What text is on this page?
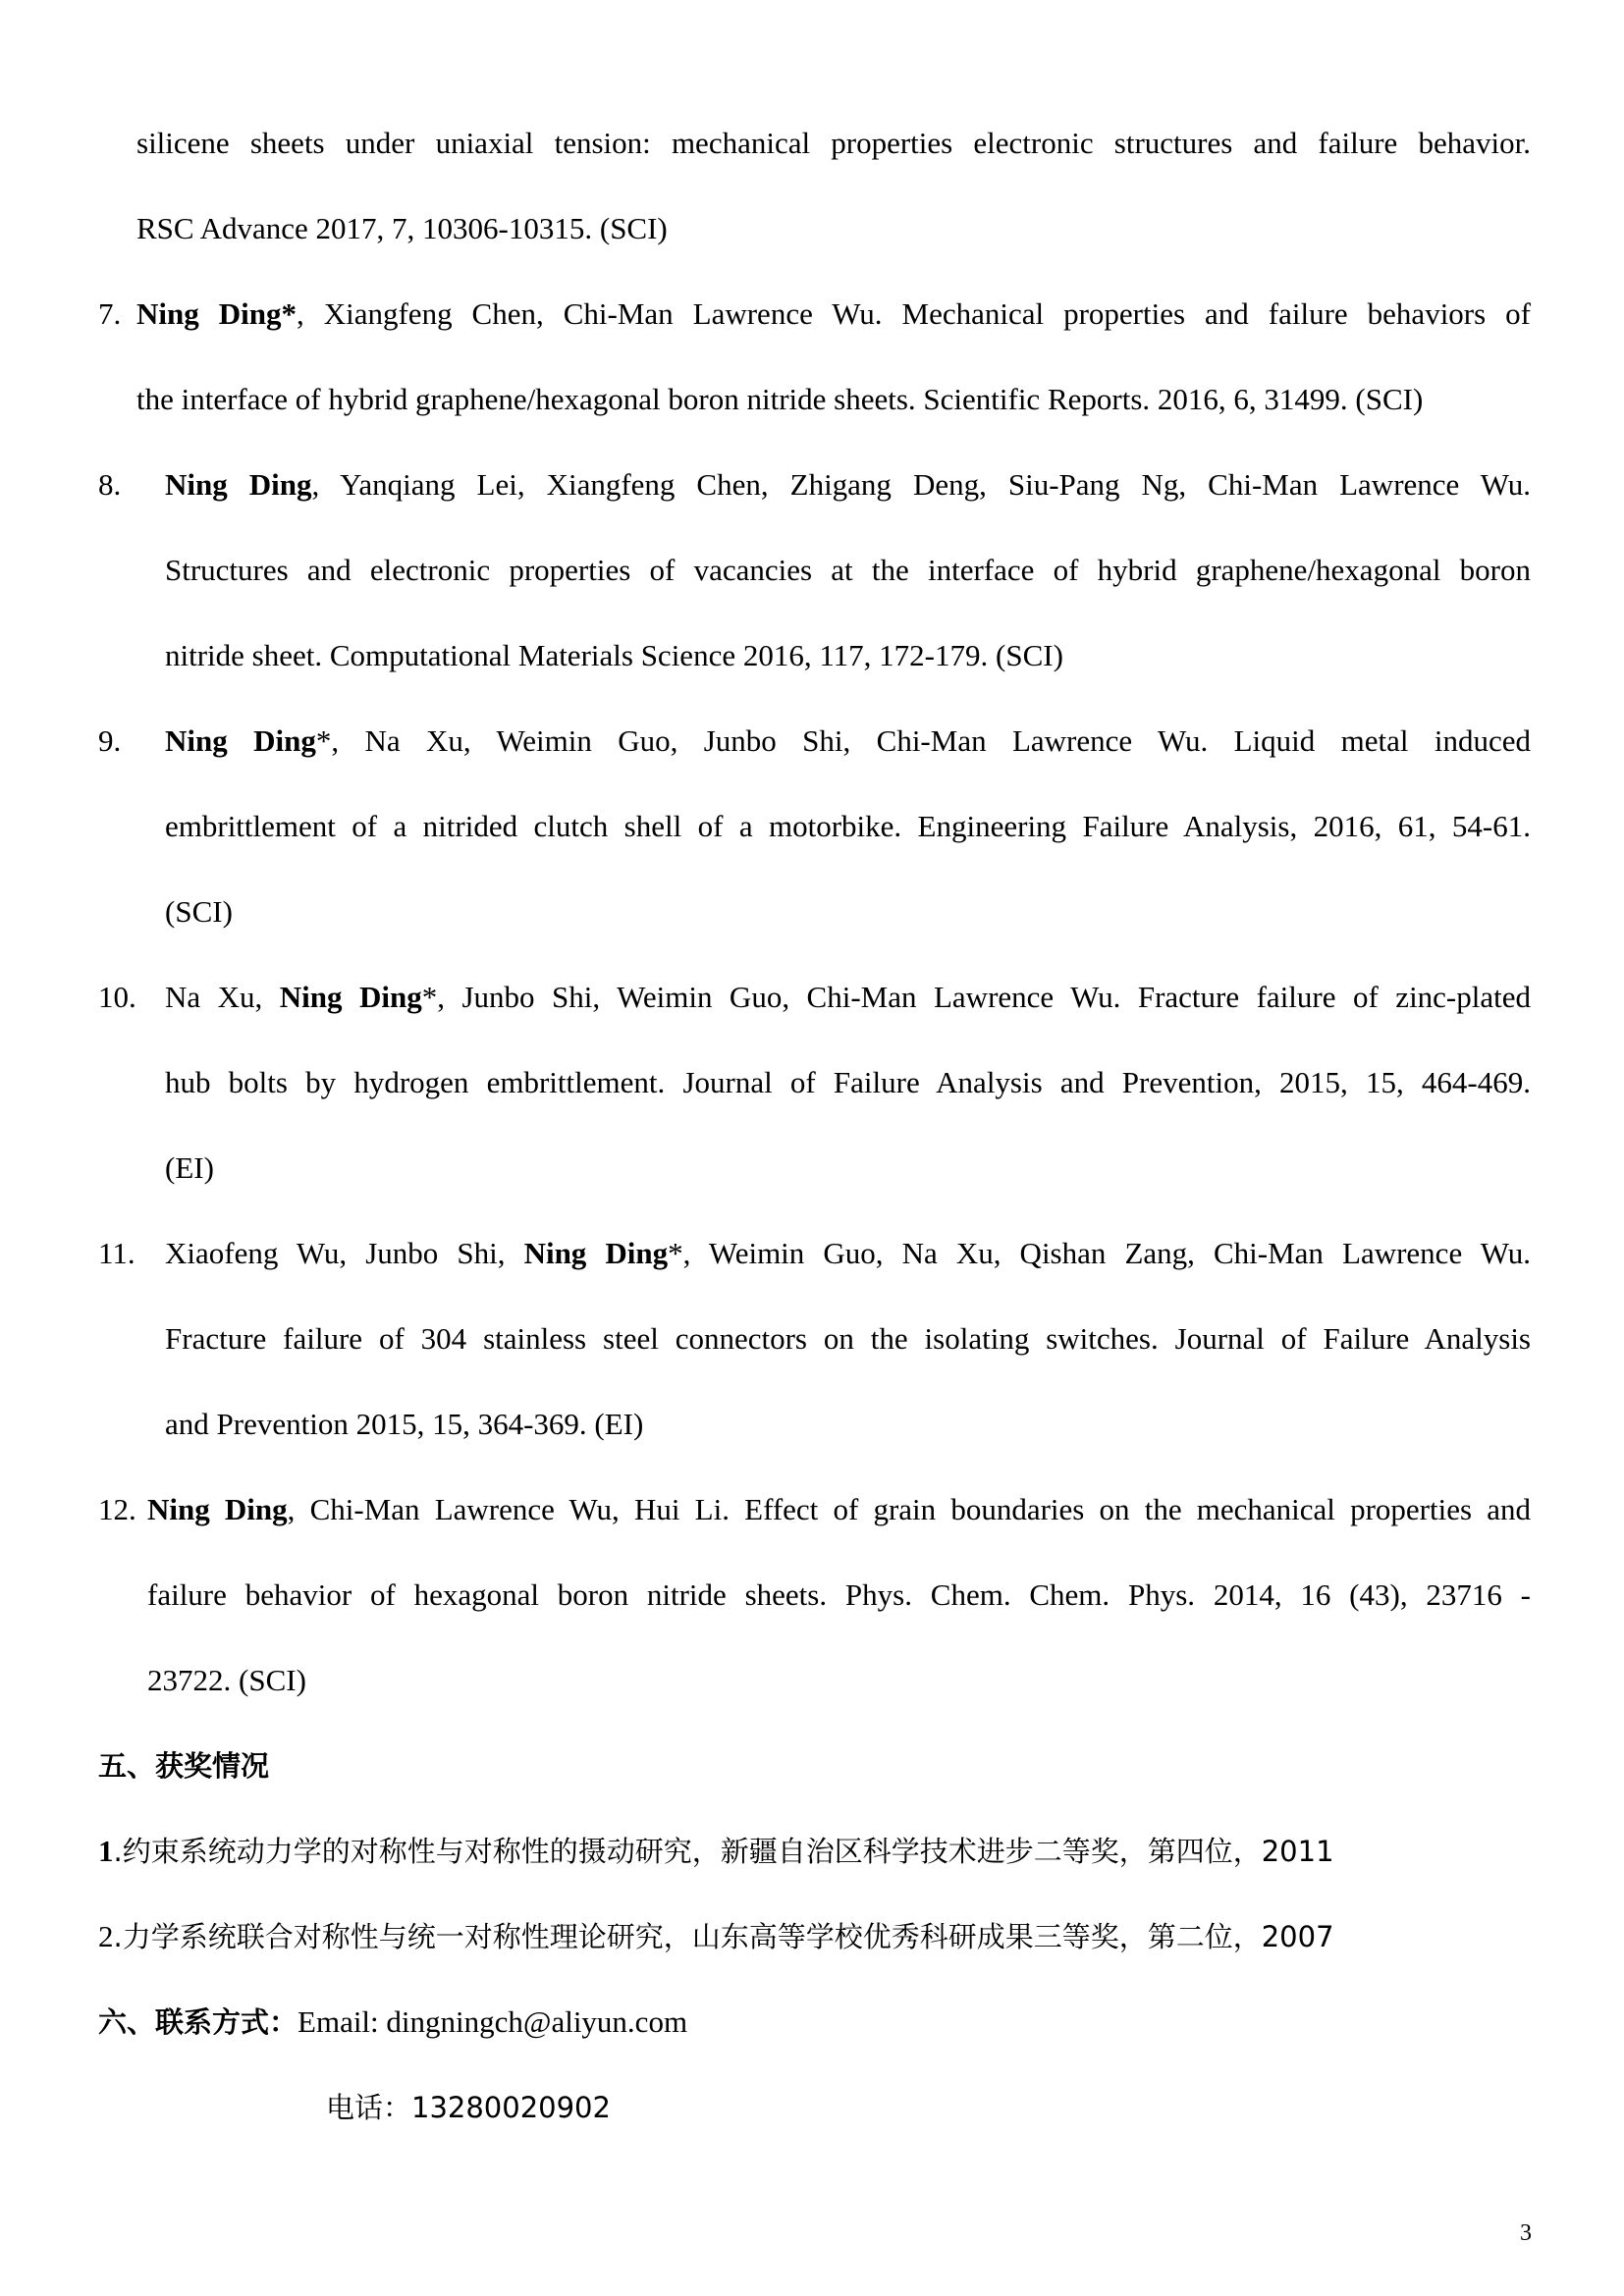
silicene sheets under uniaxial tension: mechanical properties electronic structures and failure behavior.
RSC Advance 2017, 7, 10306-10315. (SCI)
7. Ning Ding*, Xiangfeng Chen, Chi-Man Lawrence Wu. Mechanical properties and failure behaviors of
the interface of hybrid graphene/hexagonal boron nitride sheets. Scientific Reports. 2016, 6, 31499. (SCI)
8. Ning Ding, Yanqiang Lei, Xiangfeng Chen, Zhigang Deng, Siu-Pang Ng, Chi-Man Lawrence Wu.
Structures and electronic properties of vacancies at the interface of hybrid graphene/hexagonal boron
nitride sheet. Computational Materials Science 2016, 117, 172-179. (SCI)
9. Ning Ding*, Na Xu, Weimin Guo, Junbo Shi, Chi-Man Lawrence Wu. Liquid metal induced
embrittlement of a nitrided clutch shell of a motorbike. Engineering Failure Analysis, 2016, 61, 54-61.
(SCI)
10. Na Xu, Ning Ding*, Junbo Shi, Weimin Guo, Chi-Man Lawrence Wu. Fracture failure of zinc-plated
hub bolts by hydrogen embrittlement. Journal of Failure Analysis and Prevention, 2015, 15, 464-469.
(EI)
11. Xiaofeng Wu, Junbo Shi, Ning Ding*, Weimin Guo, Na Xu, Qishan Zang, Chi-Man Lawrence Wu.
Fracture failure of 304 stainless steel connectors on the isolating switches. Journal of Failure Analysis
and Prevention 2015, 15, 364-369. (EI)
12. Ning Ding, Chi-Man Lawrence Wu, Hui Li. Effect of grain boundaries on the mechanical properties and
failure behavior of hexagonal boron nitride sheets. Phys. Chem. Chem. Phys. 2014, 16 (43), 23716 -
23722. (SCI)
五、获奖情况
1.约束系统动力学的对称性与对称性的摄动研究，新疆自治区科学技术进步二等奖，第四位，2011
2.力学系统联合对称性与统一对称性理论研究，山东高等学校优秀科研成果三等奖，第二位，2007
六、联系方式：Email: dingningch@aliyun.com
电话：13280020902
3
